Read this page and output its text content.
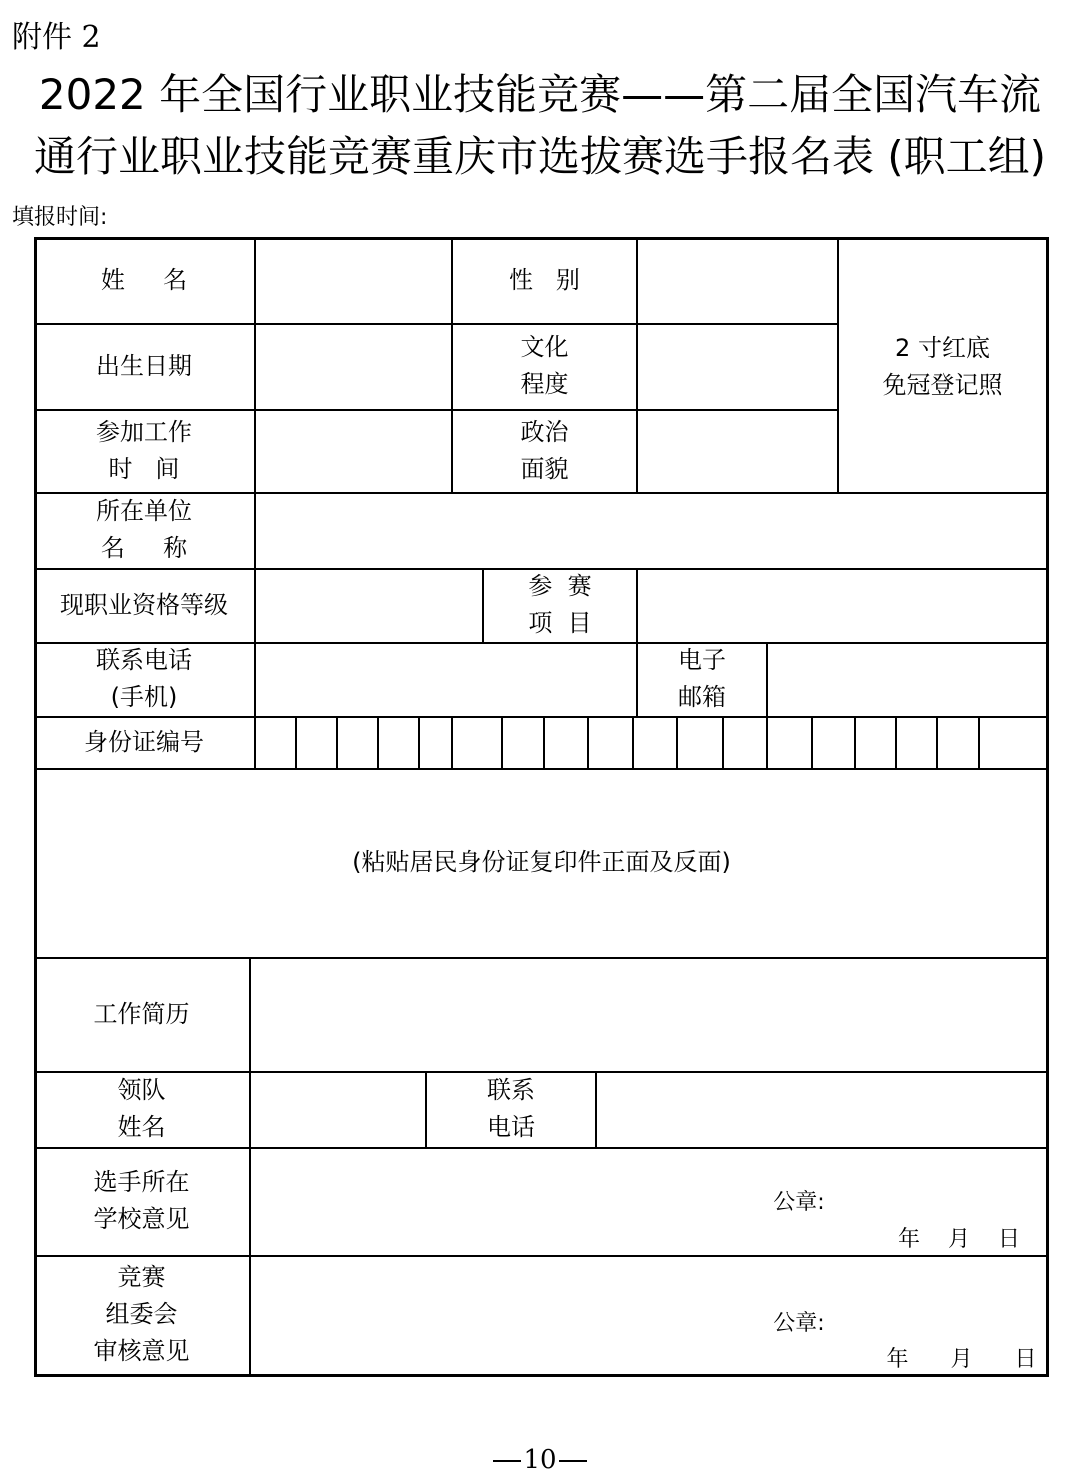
附件 2
2022 年全国行业职业技能竞赛——第二届全国汽车流
通行业职业技能竞赛重庆市选拔赛选手报名表 (职工组)
填报时间:
姓     名	性   别
出生日期
文化
程度
2 寸红底
免冠登记照
参加工作
时   间
政治
面貌
所在单位
名     称
现职业资格等级
参  赛
项  目
联系电话
(手机)
电子
邮箱
身份证编号
(粘贴居民身份证复印件正面及反面)
工作简历
领队
姓名
联系
电话
选手所在
学校意见
公章:
年    月    日
竞赛
组委会
审核意见
公章:
年      月      日
10
